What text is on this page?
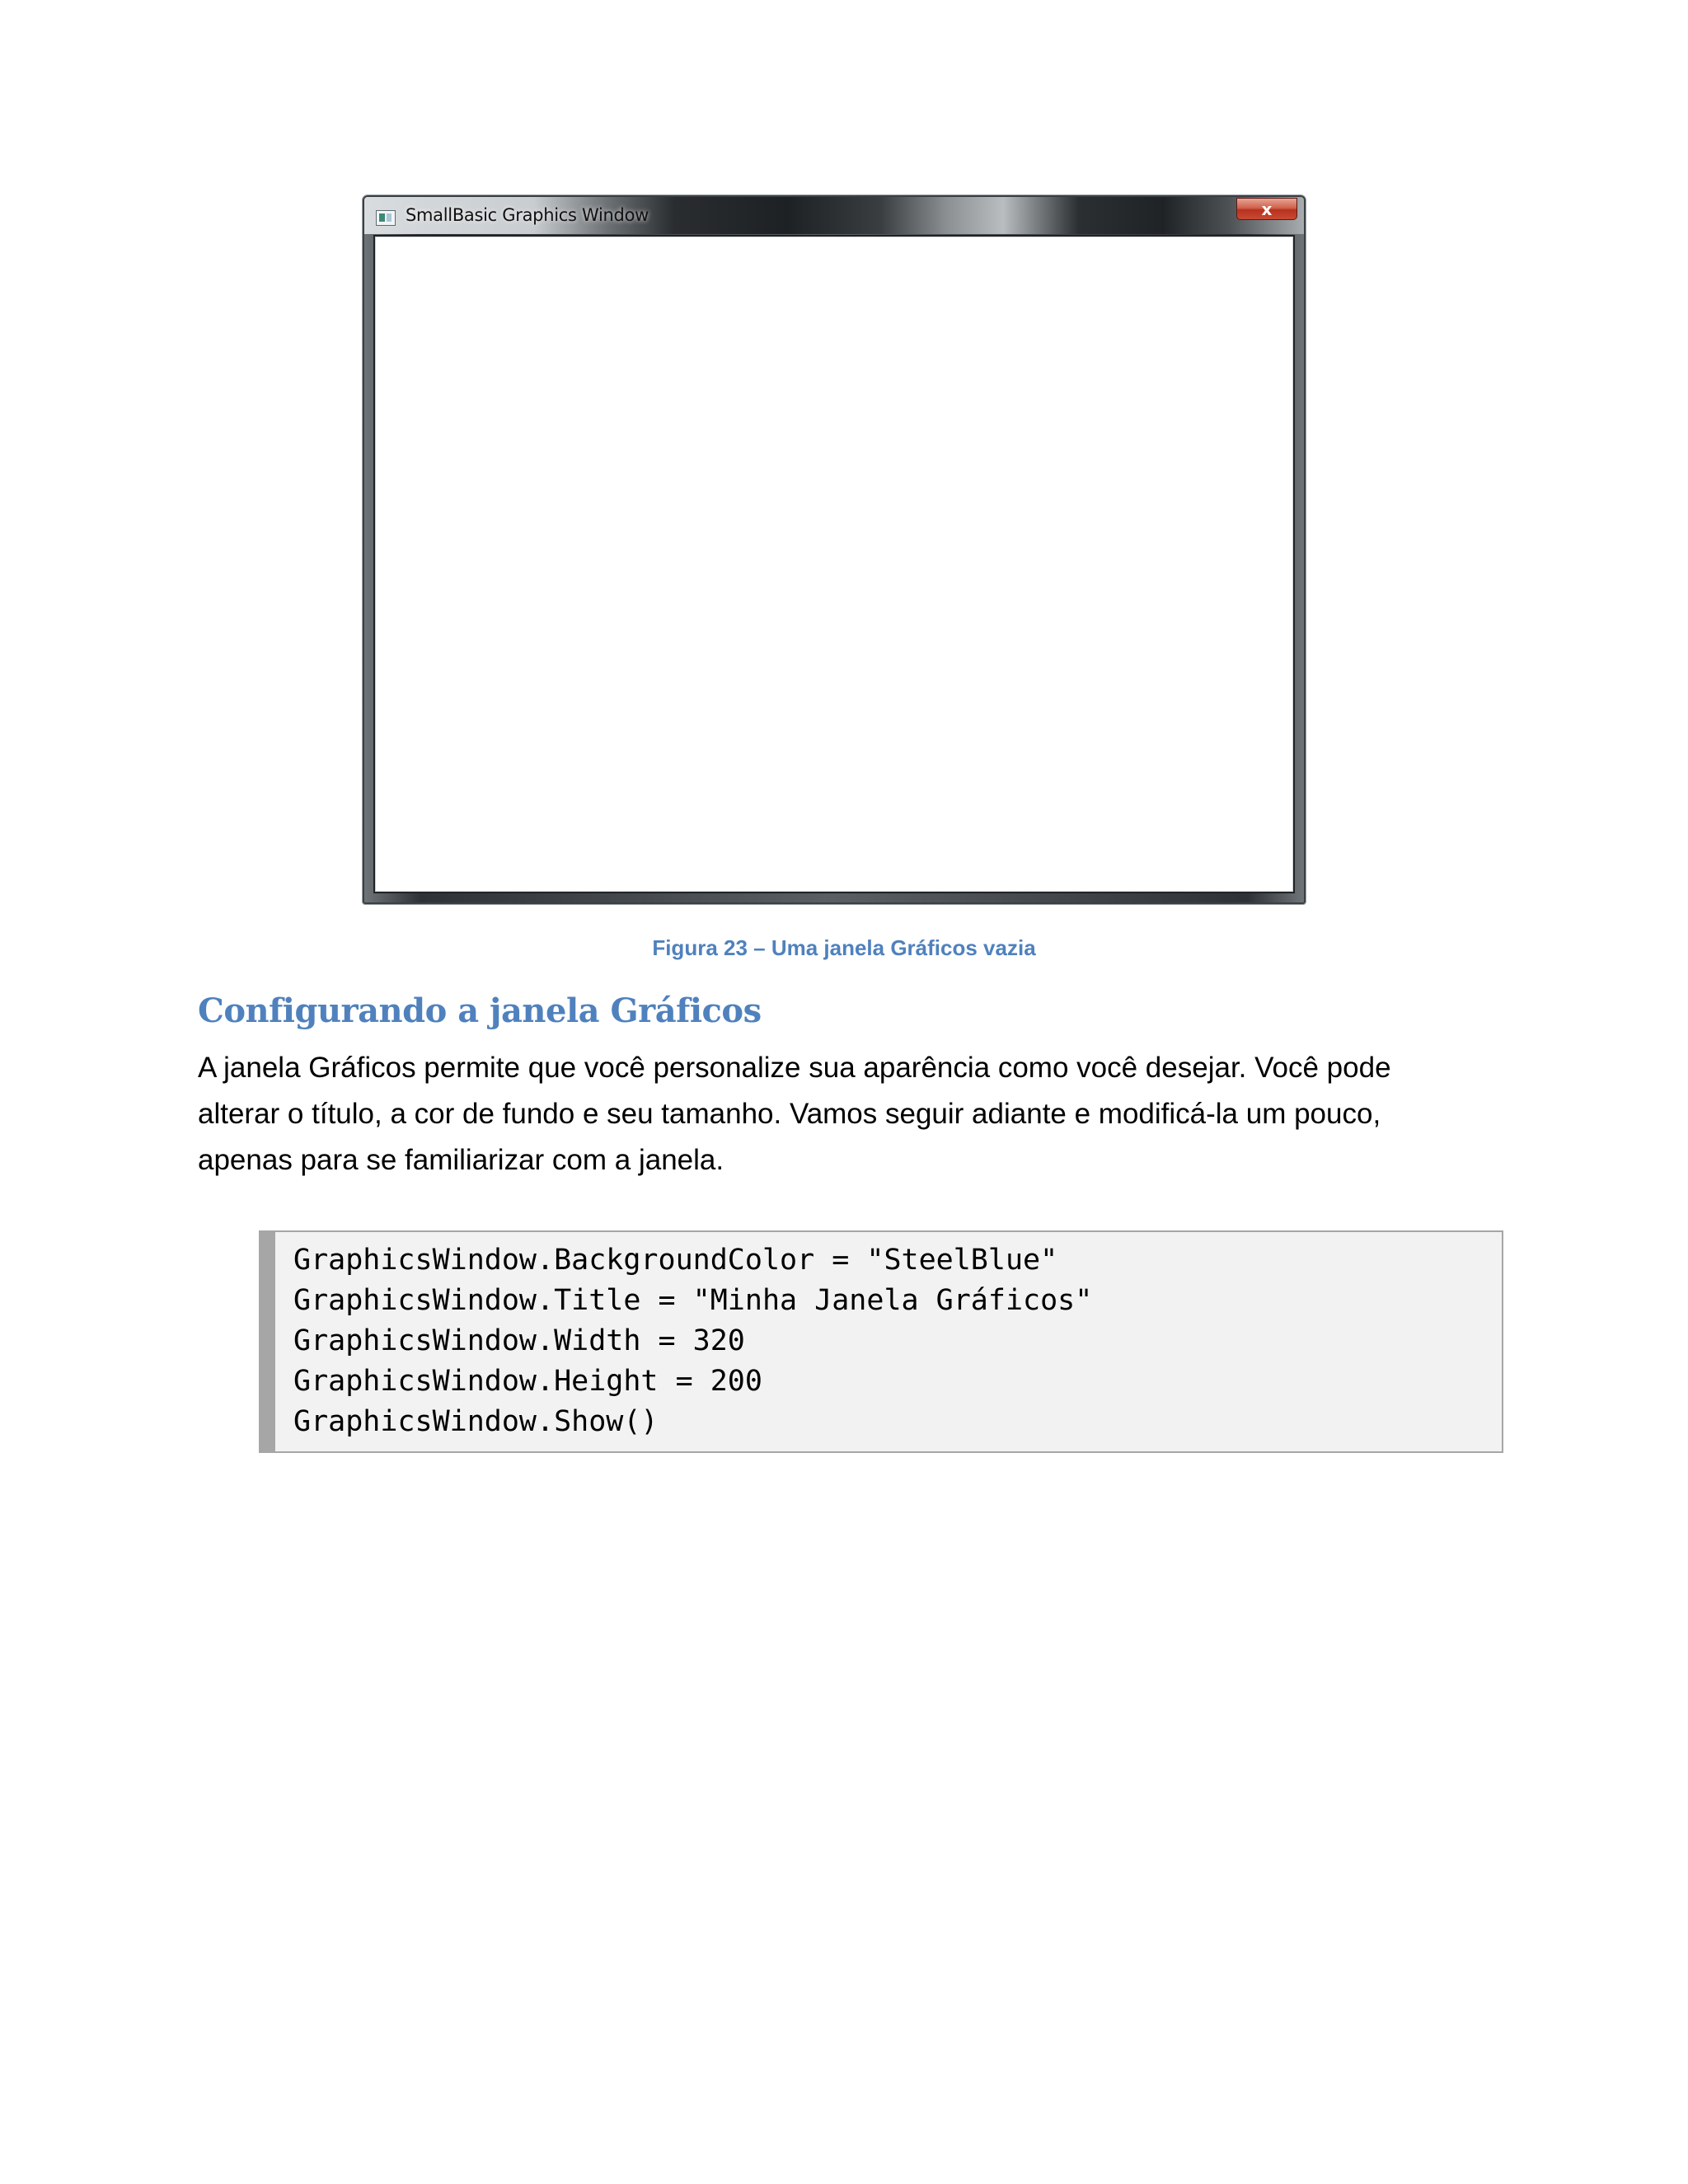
SmallBasic Graphics Window	x
Figura 23 – Uma janela Gráficos vazia
Configurando a janela Gráficos
A janela Gráficos permite que você personalize sua aparência como você desejar. Você pode
alterar o título, a cor de fundo e seu tamanho. Vamos seguir adiante e modificá-la um pouco,
apenas para se familiarizar com a janela.
GraphicsWindow.BackgroundColor = "SteelBlue"
GraphicsWindow.Title = "Minha Janela Gráficos"
GraphicsWindow.Width = 320
GraphicsWindow.Height = 200
GraphicsWindow.Show()
